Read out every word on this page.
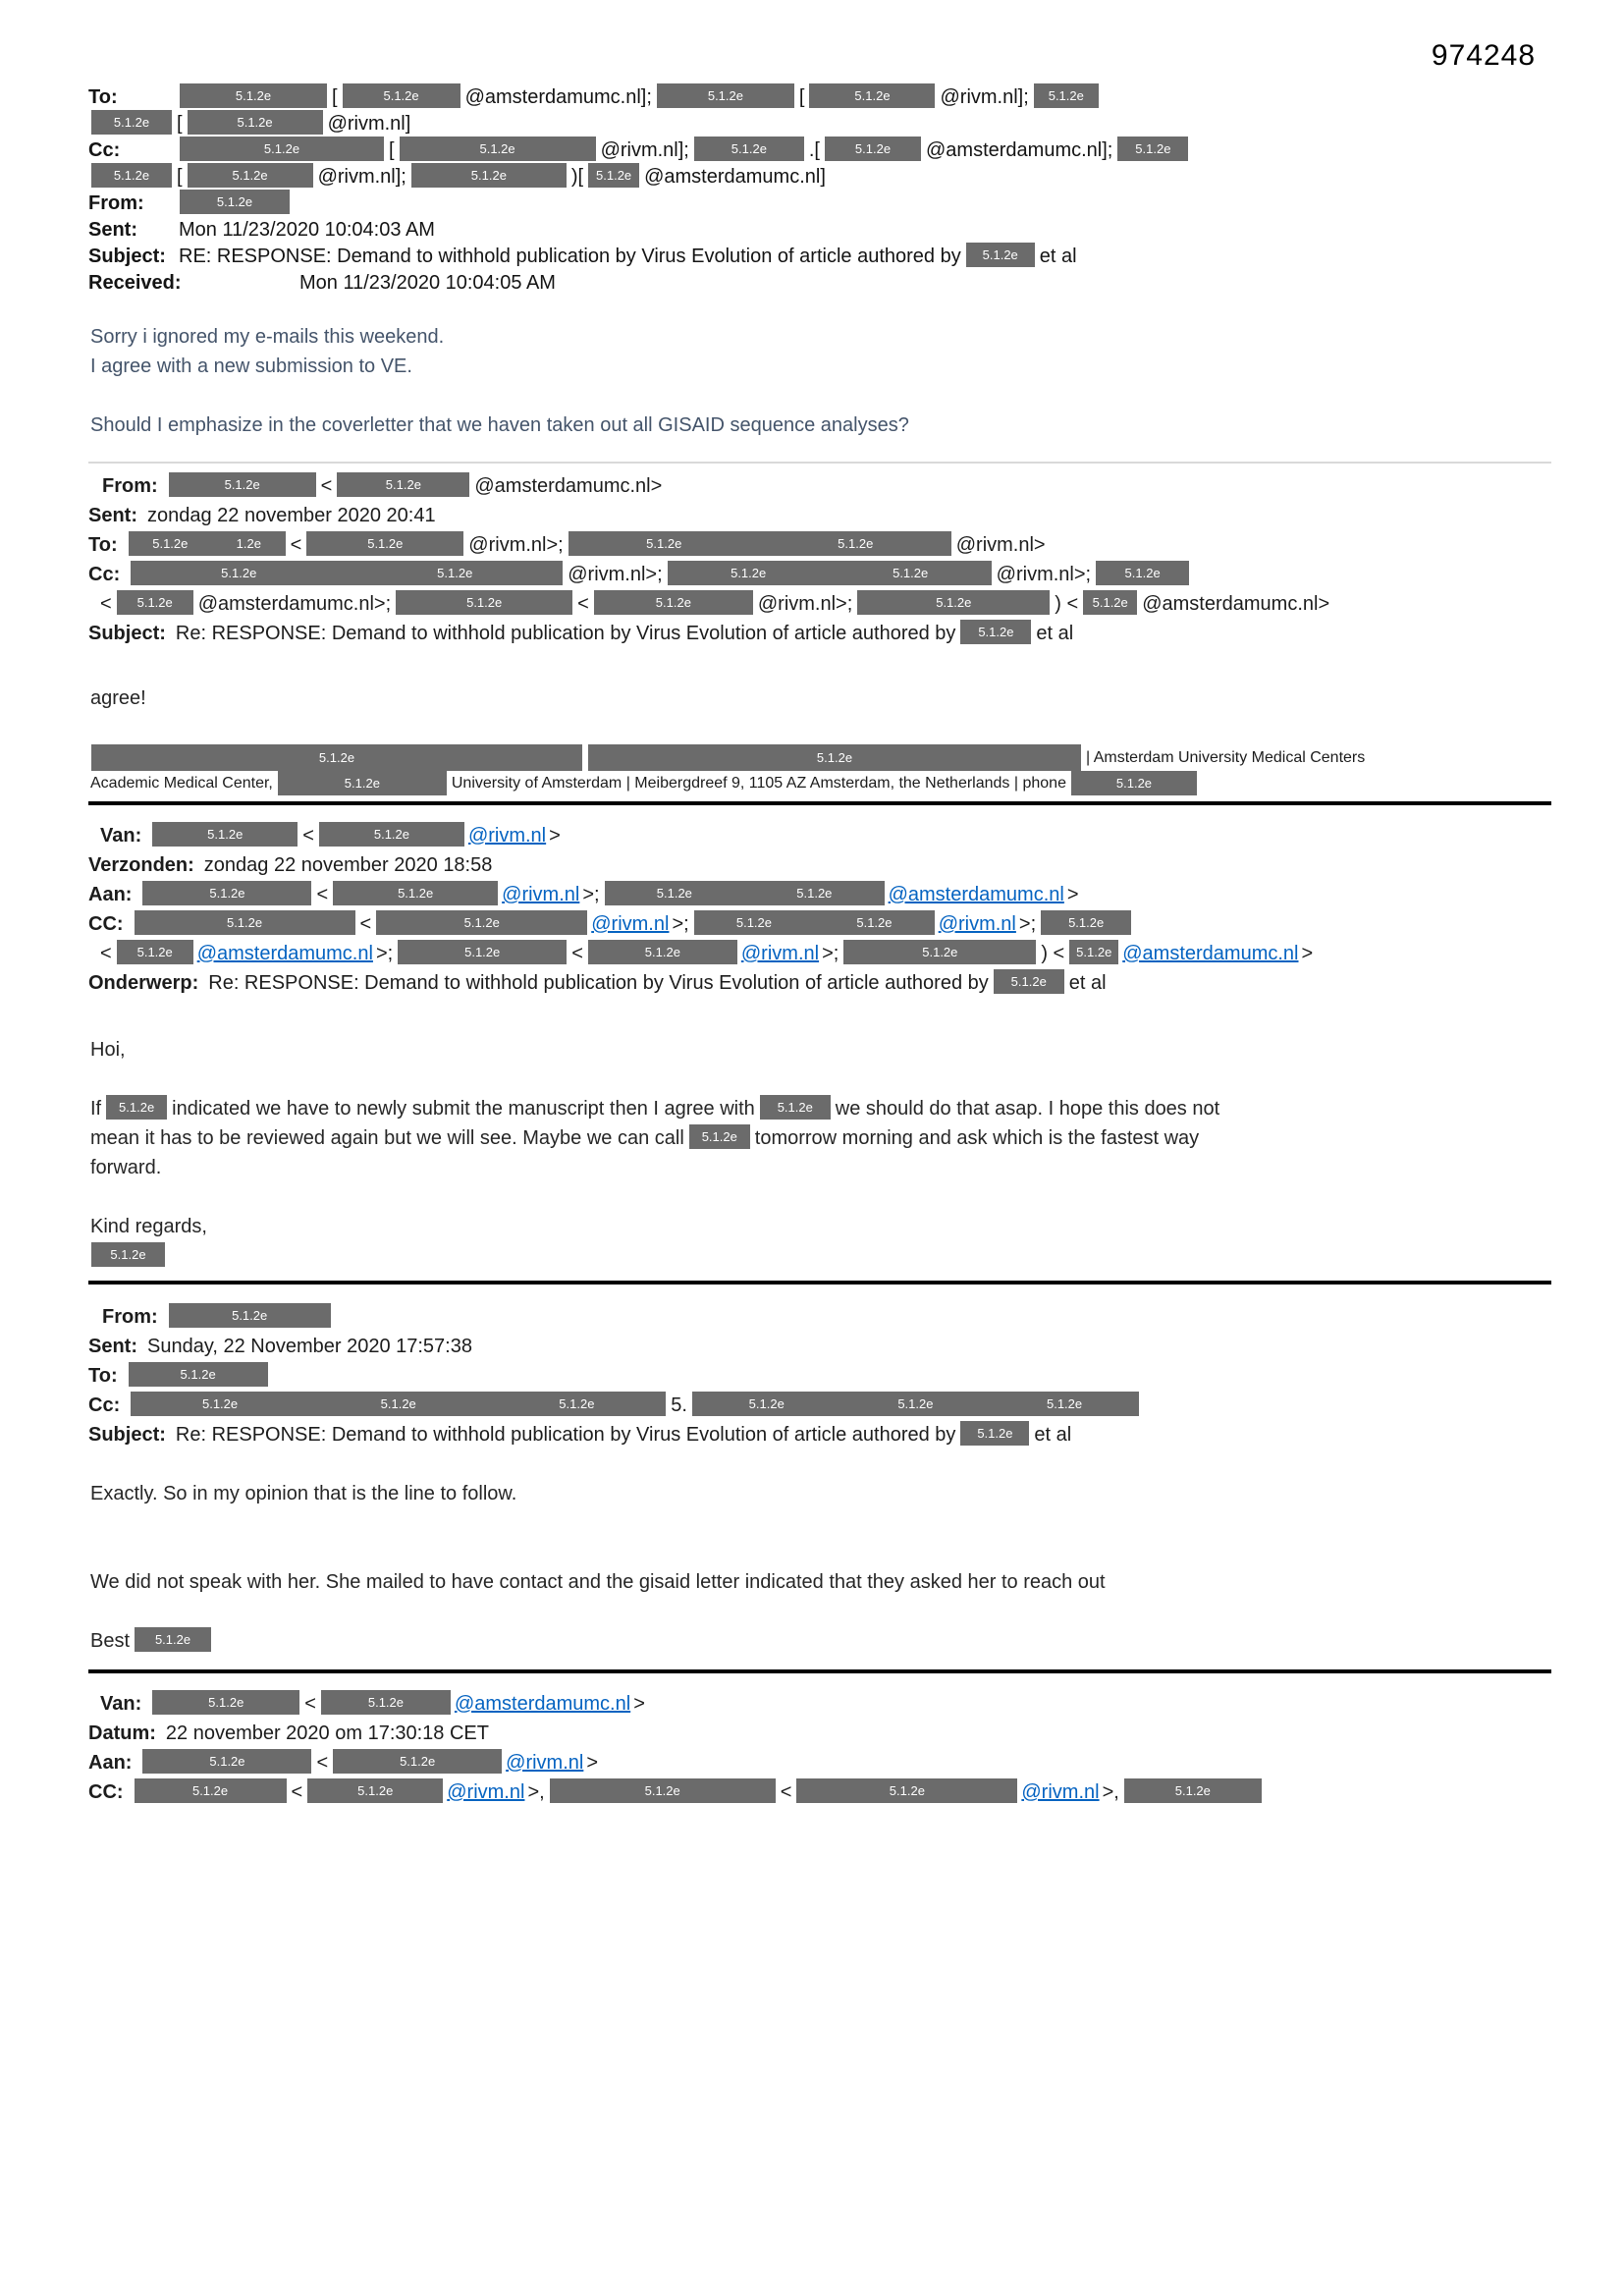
974248
To:	5.1.2e	[	5.1.2e @amsterdamumc.nl];	5.1.2e	[	5.1.2e	@rivm.nl]; 5.1.2e
5.1.2e [	5.1.2e	@rivm.nl]
Cc:	5.1.2e	[	5.1.2e	@rivm.nl];	5.1.2e .[	5.1.2e @amsterdamumc.nl]; 5.1.2e
5.1.2e [	5.1.2e	@rivm.nl];	5.1.2e	)[ 5.1.2e @amsterdamumc.nl]
From:	5.1.2e
Sent: Mon 11/23/2020 10:04:03 AM
Subject: RE: RESPONSE: Demand to withhold publication by Virus Evolution of article authored by 5.1.2e et al
Received:	Mon 11/23/2020 10:04:05 AM
Sorry i ignored my e-mails this weekend.
I agree with a new submission to VE.

Should I emphasize in the coverletter that we haven taken out all GISAID sequence analyses?
From:	5.1.2e	<	5.1.2e	@amsterdamumc.nl>
Sent: zondag 22 november 2020 20:41
To:	5.1.2e	1.2e <	5.1.2e	@rivm.nl>;	5.1.2e	5.1.2e	@rivm.nl>
Cc:	5.1.2e	5.1.2e	@rivm.nl>;	5.1.2e	5.1.2e	@rivm.nl>;	5.1.2e
< 5.1.2e @amsterdamumc.nl>;	5.1.2e	<	5.1.2e	@rivm.nl>;	5.1.2e	) < 5.1.2e @amsterdamumc.nl>
Subject: Re: RESPONSE: Demand to withhold publication by Virus Evolution of article authored by 5.1.2e et al
agree!
5.1.2e	5.1.2e	| Amsterdam University Medical Centers
Academic Medical Center,	5.1.2e	University of Amsterdam | Meibergdreef 9, 1105 AZ Amsterdam, the Netherlands | phone	5.1.2e
Van:	5.1.2e	<	5.1.2e	@rivm.nl >
Verzonden: zondag 22 november 2020 18:58
Aan:	5.1.2e	<	5.1.2e	@rivm.nl >;	5.1.2e	5.1.2e	@amsterdamumc.nl >
CC:	5.1.2e	<	5.1.2e	@rivm.nl >;	5.1.2e	5.1.2e @rivm.nl >;	5.1.2e
< 5.1.2e @amsterdamumc.nl >;	5.1.2e	<	5.1.2e	@rivm.nl >;	5.1.2e	) < 5.1.2e @amsterdamumc.nl >
Onderwerp: Re: RESPONSE: Demand to withhold publication by Virus Evolution of article authored by 5.1.2e et al
Hoi,

If 5.1.2e indicated we have to newly submit the manuscript then I agree with 5.1.2e we should do that asap. I hope this does not
mean it has to be reviewed again but we will see. Maybe we can call 5.1.2e tomorrow morning and ask which is the fastest way
forward.

Kind regards,
5.1.2e
From:	5.1.2e
Sent: Sunday, 22 November 2020 17:57:38
To:	5.1.2e
Cc:	5.1.2e	5.1.2e	5.1.2e	5.	5.1.2e	5.1.2e	5.1.2e
Subject: Re: RESPONSE: Demand to withhold publication by Virus Evolution of article authored by 5.1.2e et al
Exactly. So in my opinion that is the line to follow.

We did not speak with her. She mailed to have contact and the gisaid letter indicated that they asked her to reach out

Best 5.1.2e
Van:	5.1.2e	<	5.1.2e	@amsterdamumc.nl >
Datum: 22 november 2020 om 17:30:18 CET
Aan:	5.1.2e	<	5.1.2e	@rivm.nl >
CC:	5.1.2e	<	5.1.2e	@rivm.nl >,	5.1.2e	<	5.1.2e	@rivm.nl >,	5.1.2e
